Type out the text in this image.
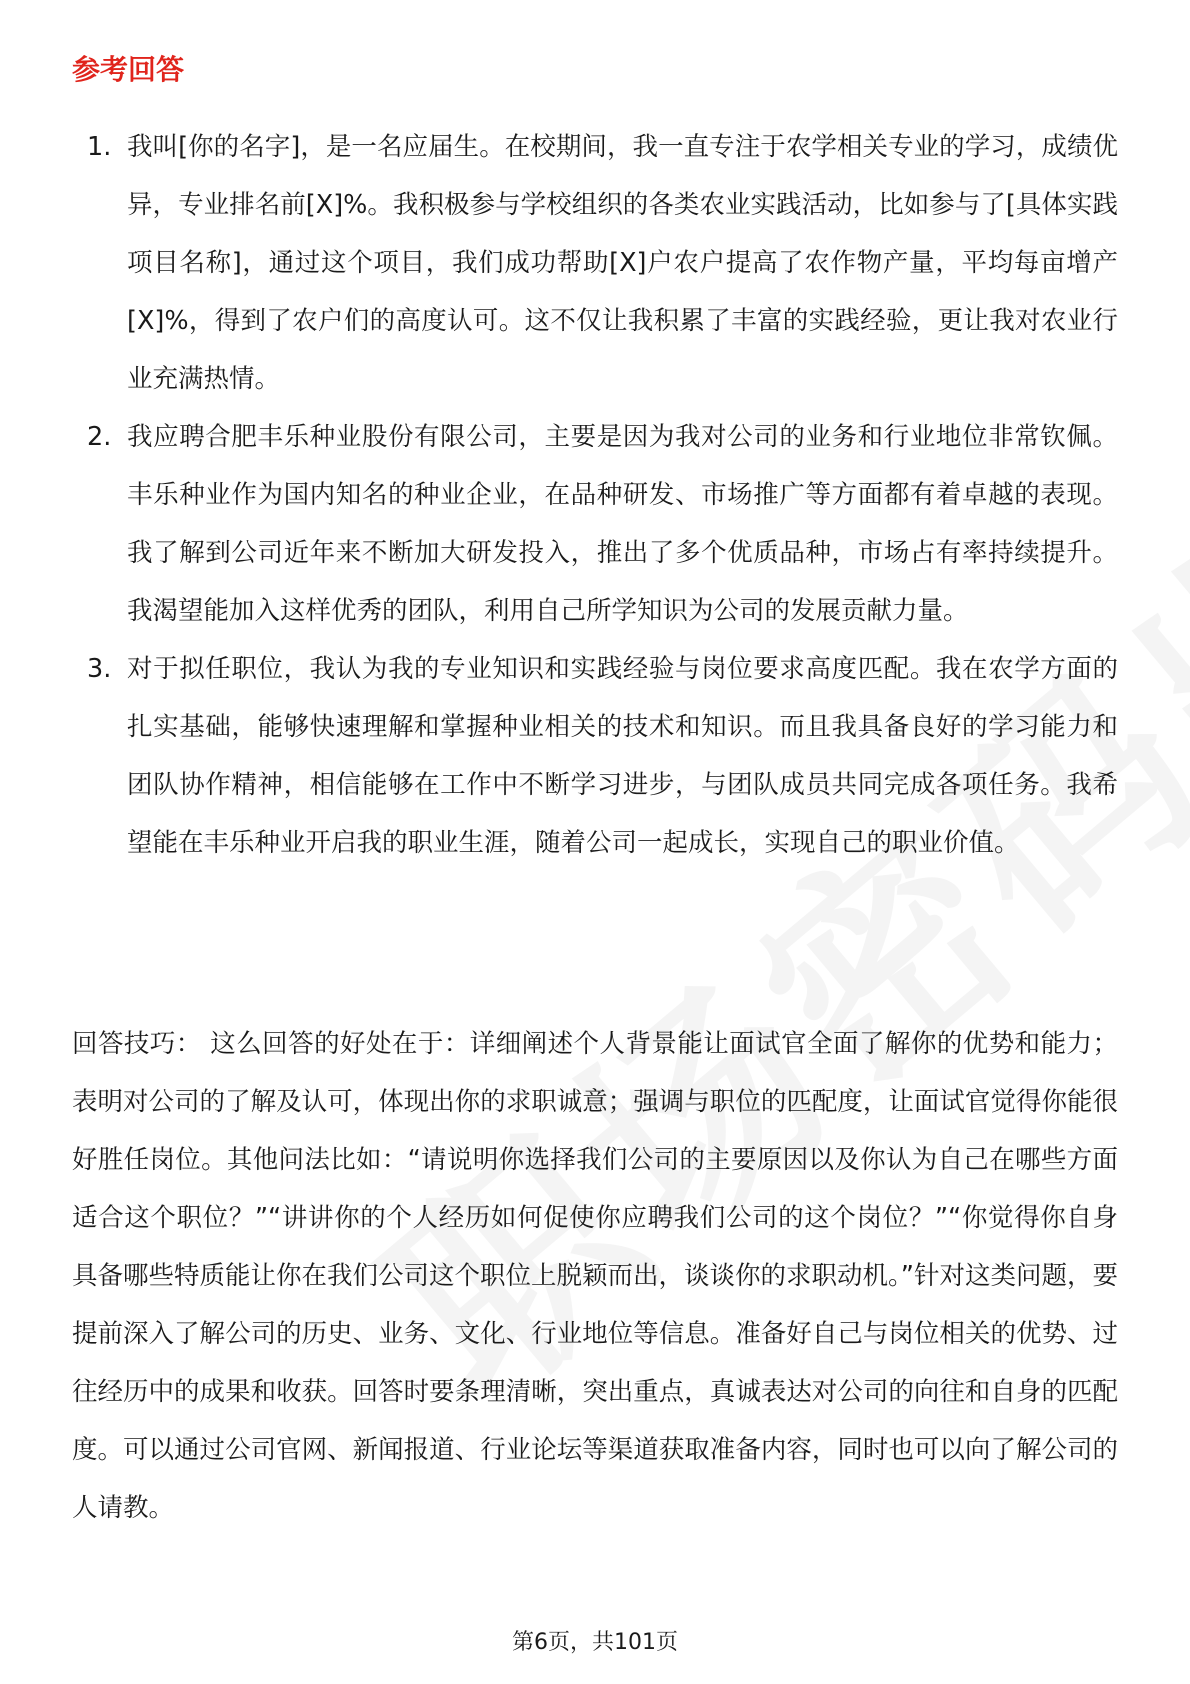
参考回答
1. 我叫[你的名字]，是一名应届生。在校期间，我一直专注于农学相关专业的学习，成绩优异，专业排名前[X]%。我积极参与学校组织的各类农业实践活动，比如参与了[具体实践项目名称]，通过这个项目，我们成功帮助[X]户农户提高了农作物产量，平均每亩增产[X]%，得到了农户们的高度认可。这不仅让我积累了丰富的实践经验，更让我对农业行业充满热情。
2. 我应聘合肥丰乐种业股份有限公司，主要是因为我对公司的业务和行业地位非常钦佩。丰乐种业作为国内知名的种业企业，在品种研发、市场推广等方面都有着卓越的表现。我了解到公司近年来不断加大研发投入，推出了多个优质品种，市场占有率持续提升。我渴望能加入这样优秀的团队，利用自己所学知识为公司的发展贡献力量。
3. 对于拟任职位，我认为我的专业知识和实践经验与岗位要求高度匹配。我在农学方面的扎实基础，能够快速理解和掌握种业相关的技术和知识。而且我具备良好的学习能力和团队协作精神，相信能够在工作中不断学习进步，与团队成员共同完成各项任务。我希望能在丰乐种业开启我的职业生涯，随着公司一起成长，实现自己的职业价值。

回答技巧： 这么回答的好处在于：详细阐述个人背景能让面试官全面了解你的优势和能力；表明对公司的了解及认可，体现出你的求职诚意；强调与职位的匹配度，让面试官觉得你能很好胜任岗位。其他问法比如：“请说明你选择我们公司的主要原因以及你认为自己在哪些方面适合这个职位？”“讲讲你的个人经历如何促使你应聘我们公司的这个岗位？”“你觉得你自身具备哪些特质能让你在我们公司这个职位上脱颖而出，谈谈你的求职动机。”针对这类问题，要提前深入了解公司的历史、业务、文化、行业地位等信息。准备好自己与岗位相关的优势、过往经历中的成果和收获。回答时要条理清晰，突出重点，真诚表达对公司的向往和自身的匹配度。可以通过公司官网、新闻报道、行业论坛等渠道获取准备内容，同时也可以向了解公司的人请教。

第6页，共101页
